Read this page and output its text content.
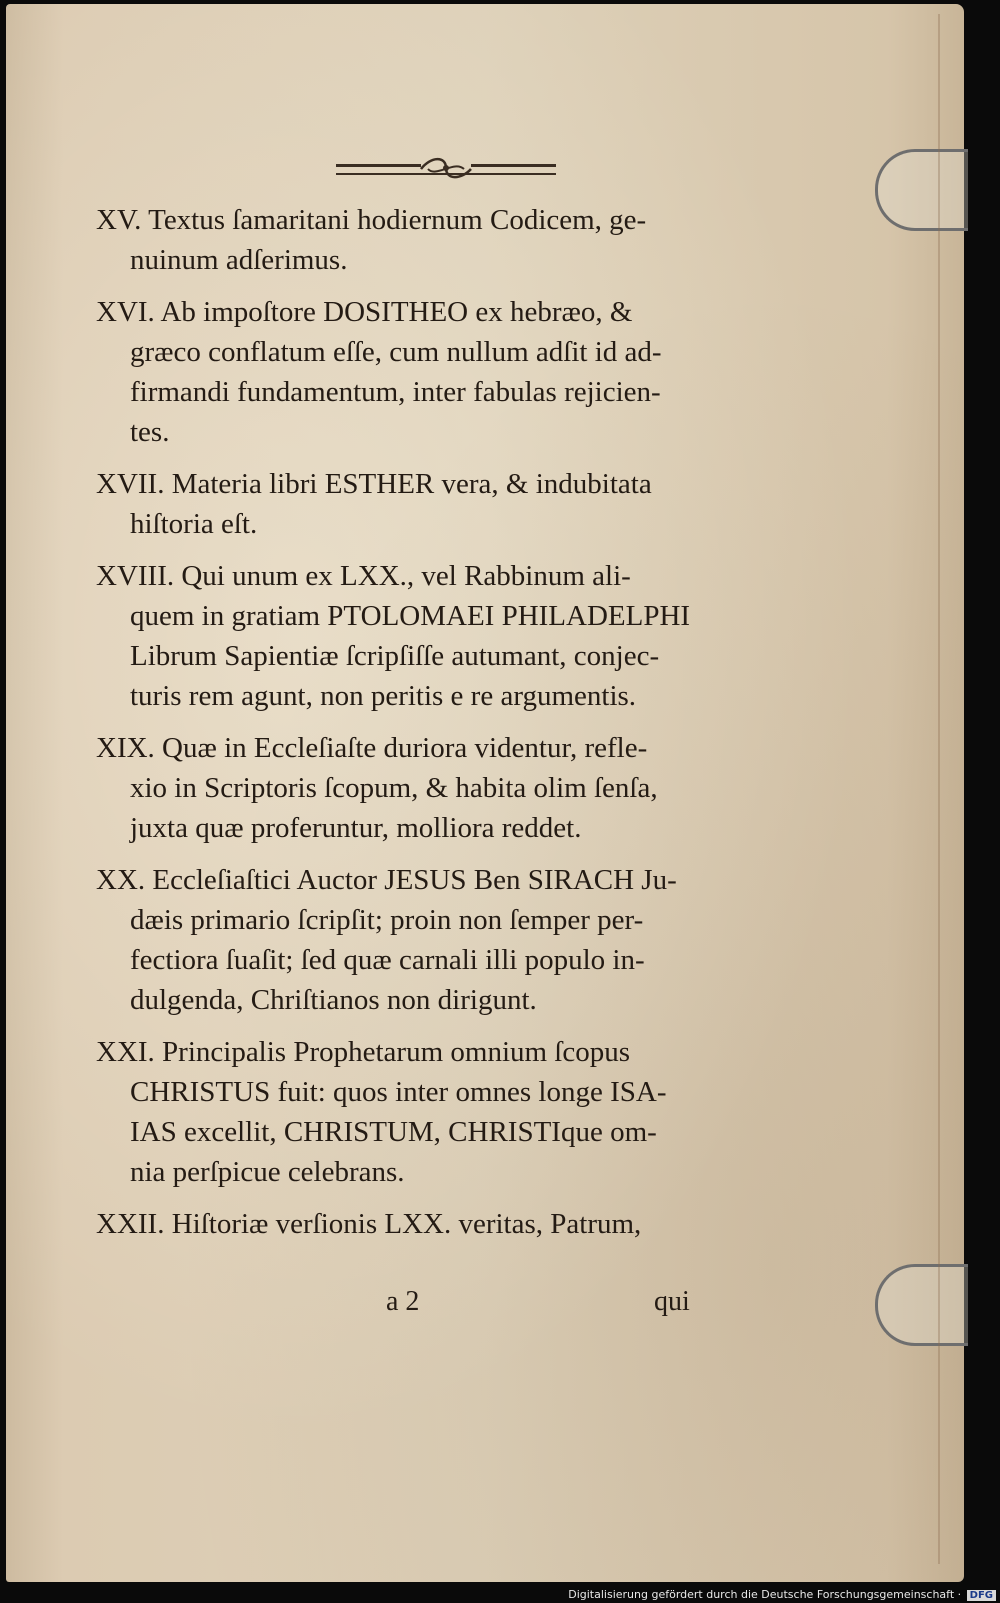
XV. Textus ſamaritani hodiernum Codicem, ge-
nuinum adſerimus.
XVI. Ab impoſtore DOSITHEO ex hebræo, &
græco conflatum eſſe, cum nullum adſit id ad-
firmandi fundamentum, inter fabulas rejicien-
tes.
XVII. Materia libri ESTHER vera, & indubitata
hiſtoria eſt.
XVIII. Qui unum ex LXX., vel Rabbinum ali-
quem in gratiam PTOLOMAEI PHILADELPHI
Librum Sapientiæ ſcripſiſſe autumant, conjec-
turis rem agunt, non peritis e re argumentis.
XIX. Quæ in Eccleſiaſte duriora videntur, refle-
xio in Scriptoris ſcopum, & habita olim ſenſa,
juxta quæ proferuntur, molliora reddet.
XX. Eccleſiaſtici Auctor JESUS Ben SIRACH Ju-
dæis primario ſcripſit; proin non ſemper per-
fectiora ſuaſit; ſed quæ carnali illi populo in-
dulgenda, Chriſtianos non dirigunt.
XXI. Principalis Prophetarum omnium ſcopus
CHRISTUS fuit: quos inter omnes longe ISA-
IAS excellit, CHRISTUM, CHRISTIque om-
nia perſpicue celebrans.
XXII. Hiſtoriæ verſionis LXX. veritas, Patrum,
a 2	qui
Digitalisierung gefördert durch die Deutsche Forschungsgemeinschaft · DFG
